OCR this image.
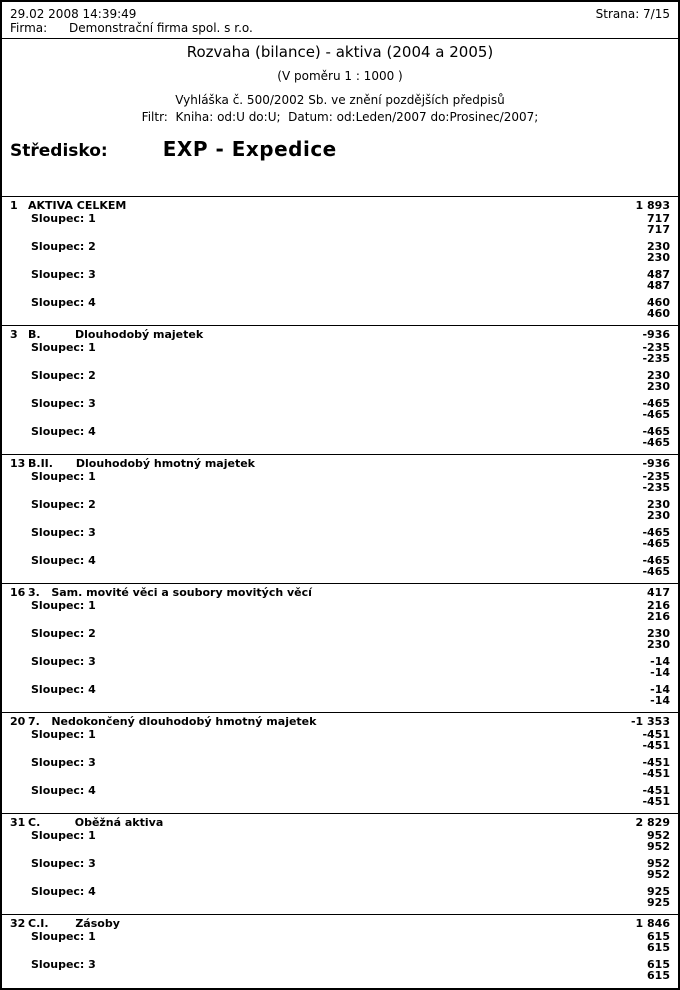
29.02 2008 14:39:49	Strana: 7/15
Firma: Demonstrační firma spol. s r.o.
Rozvaha (bilance) - aktiva (2004 a 2005)
(V poměru 1 : 1000 )
Vyhláška č. 500/2002 Sb. ve znění pozdějších předpisů
Filtr:  Kniha: od:U do:U;  Datum: od:Leden/2007 do:Prosinec/2007;
Středisko:	EXP - Expedice
1 AKTIVA CELKEM	1 893
Sloupec: 1	717
717
Sloupec: 2	230
230
Sloupec: 3	487
487
Sloupec: 4	460
460
3 B.         Dlouhodobý majetek	-936
Sloupec: 1	-235
-235
Sloupec: 2	230
230
Sloupec: 3	-465
-465
Sloupec: 4	-465
-465
13 B.II.      Dlouhodobý hmotný majetek	-936
Sloupec: 1	-235
-235
Sloupec: 2	230
230
Sloupec: 3	-465
-465
Sloupec: 4	-465
-465
16 3.   Sam. movité věci a soubory movitých věcí	417
Sloupec: 1	216
216
Sloupec: 2	230
230
Sloupec: 3	-14
-14
Sloupec: 4	-14
-14
20 7.   Nedokončený dlouhodobý hmotný majetek	-1 353
Sloupec: 1	-451
-451
Sloupec: 3	-451
-451
Sloupec: 4	-451
-451
31 C.         Oběžná aktiva	2 829
Sloupec: 1	952
952
Sloupec: 3	952
952
Sloupec: 4	925
925
32 C.I.       Zásoby	1 846
Sloupec: 1	615
615
Sloupec: 3	615
615
